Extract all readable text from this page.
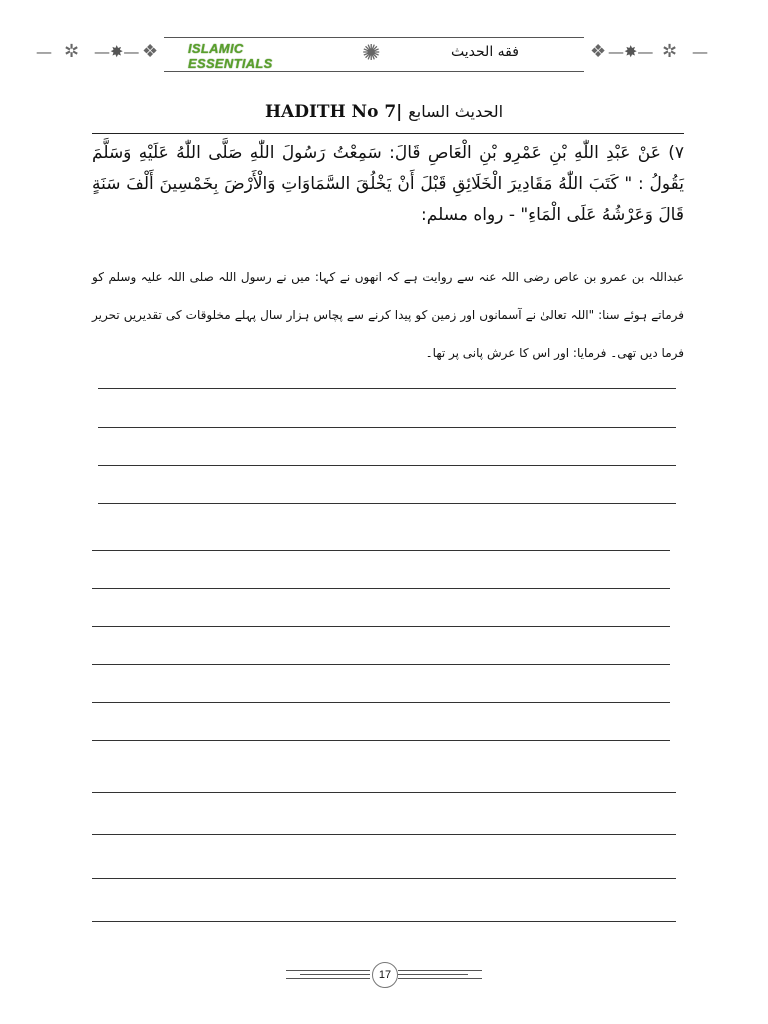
— ✲ —✸— ❖ ISLAMIC ESSENTIALS	✺	فقه الحديث	❖ —✸— ✲ —
HADITH No 7| الحديث السابع
٧) عَنْ عَبْدِ اللّٰهِ بْنِ عَمْرِو بْنِ الْعَاصِ قَالَ: سَمِعْتُ رَسُولَ اللّٰهِ صَلَّى اللّٰهُ عَلَيْهِ وَسَلَّمَ يَقُولُ : " كَتَبَ اللّٰهُ مَقَادِيرَ الْخَلَائِقِ قَبْلَ أَنْ يَخْلُقَ السَّمَاوَاتِ وَالْأَرْضَ بِخَمْسِينَ أَلْفَ سَنَةٍ قَالَ وَعَرْشُهُ عَلَى الْمَاءِ" - رواه مسلم:
عبداللہ بن عمرو بن عاص رضی اللہ عنہ سے روایت ہے کہ انھوں نے کہا: میں نے رسول اللہ صلی اللہ علیہ وسلم کو فرماتے ہوئے سنا: "اللہ تعالیٰ نے آسمانوں اور زمین کو پیدا کرنے سے پچاس ہزار سال پہلے مخلوقات کی تقدیریں تحریر فرما دیں تھی۔ فرمایا: اور اس کا عرش پانی پر تھا۔
17
